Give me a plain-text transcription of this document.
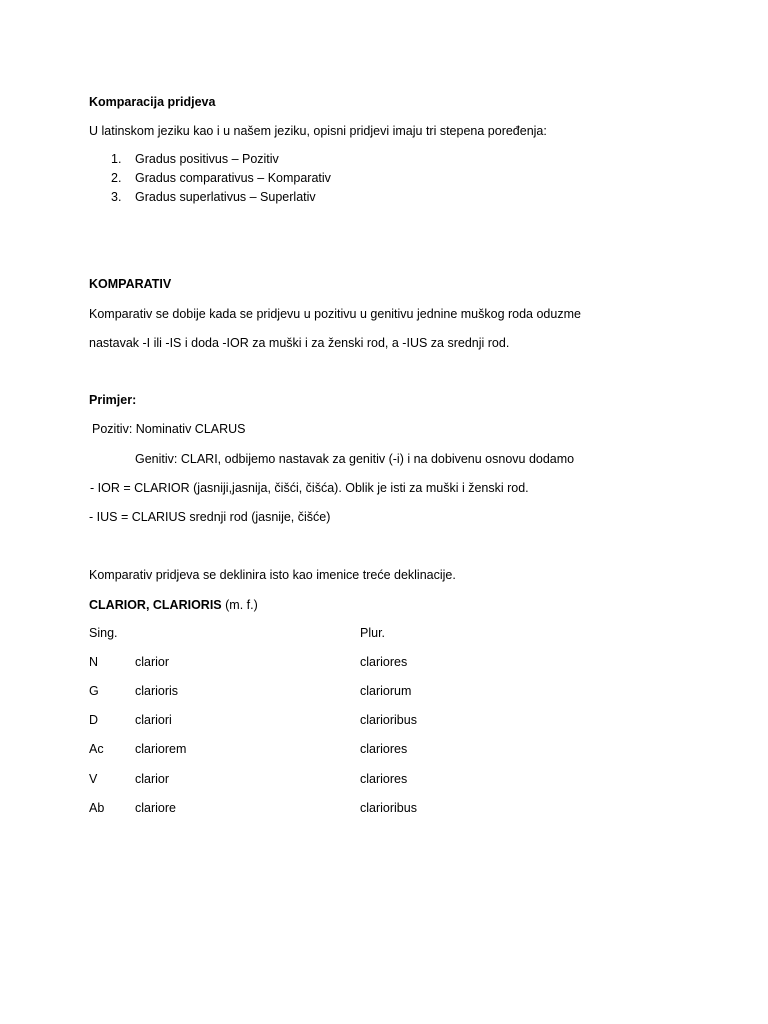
Komparacija pridjeva
U latinskom jeziku kao i u našem jeziku, opisni pridjevi imaju tri stepena poređenja:
1. Gradus positivus – Pozitiv
2. Gradus comparativus – Komparativ
3. Gradus superlativus – Superlativ
KOMPARATIV
Komparativ se dobije kada se pridjevu u pozitivu u genitivu jednine muškog roda oduzme
nastavak -I ili -IS i doda -IOR za muški i za ženski rod, a -IUS za srednji rod.
Primjer:
Pozitiv: Nominativ CLARUS
Genitiv: CLARI, odbijemo nastavak za genitiv (-i) i na dobivenu osnovu dodamo
- IOR = CLARIOR (jasniji,jasnija, čišći, čišća). Oblik je isti za muški i ženski rod.
- IUS = CLARIUS srednji rod (jasnije, čišće)
Komparativ pridjeva se deklinira isto kao imenice treće deklinacije.
CLARIOR, CLARIORIS (m. f.)
Sing.	Plur.
N	clarior	clariores
G	clarioris	clariorum
D	clariori	clarioribus
Ac	clariorem	clariores
V	clarior	clariores
Ab clariore	clarioribus
